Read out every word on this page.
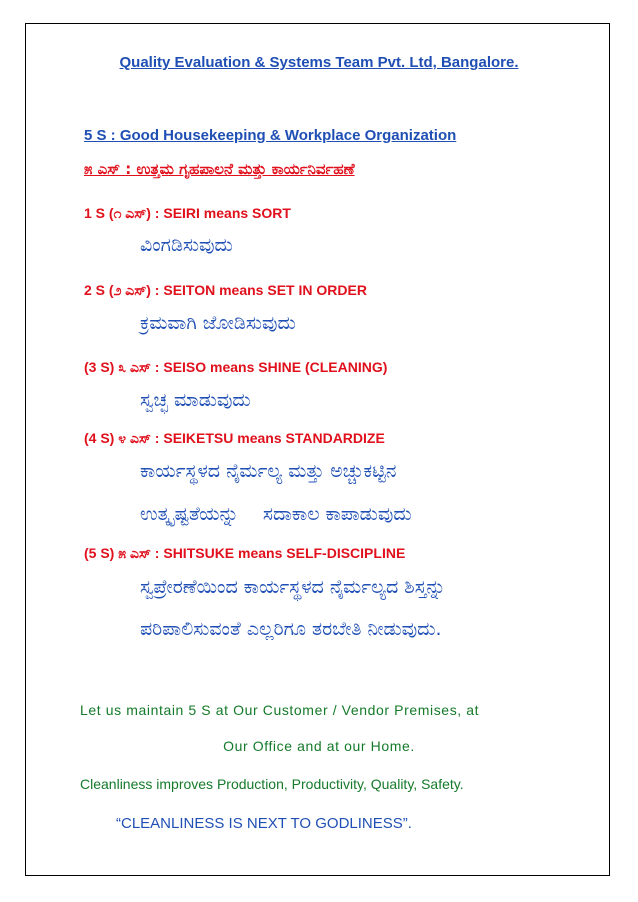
Quality Evaluation & Systems Team Pvt. Ltd, Bangalore.
5 S : Good Housekeeping & Workplace Organization
೫ ಎಸ್ : ಉತ್ತಮ ಗೃಹಪಾಲನೆ ಮತ್ತು ಕಾರ್ಯನಿರ್ವಹಣೆ
1 S (೧ ಎಸ್) : SEIRI means SORT
ವಿಂಗಡಿಸುವುದು
2 S (೨ ಎಸ್) : SEITON means SET IN ORDER
ಕ್ರಮವಾಗಿ ಜೋಡಿಸುವುದು
(3 S) ೩ ಎಸ್ : SEISO means SHINE (CLEANING)
ಸ್ವಚ್ಛ ಮಾಡುವುದು
(4 S) ೪ ಎಸ್ : SEIKETSU means STANDARDIZE
ಕಾರ್ಯಸ್ಥಳದ ನೈರ್ಮಲ್ಯ ಮತ್ತು ಅಚ್ಚುಕಟ್ಟಿನ
ಉತ್ಕೃಷ್ಟತೆಯನ್ನು    ಸದಾಕಾಲ ಕಾಪಾಡುವುದು
(5 S) ೫ ಎಸ್ : SHITSUKE means SELF-DISCIPLINE
ಸ್ವಪ್ರೇರಣೆಯಿಂದ ಕಾರ್ಯಸ್ಥಳದ ನೈರ್ಮಲ್ಯದ ಶಿಸ್ತನ್ನು
ಪರಿಪಾಲಿಸುವಂತೆ ಎಲ್ಲರಿಗೂ ತರಬೇತಿ ನೀಡುವುದು.
Let us maintain 5 S at Our Customer / Vendor Premises, at
Our Office and at our Home.
Cleanliness improves Production, Productivity, Quality, Safety.
“CLEANLINESS IS NEXT TO GODLINESS”.
